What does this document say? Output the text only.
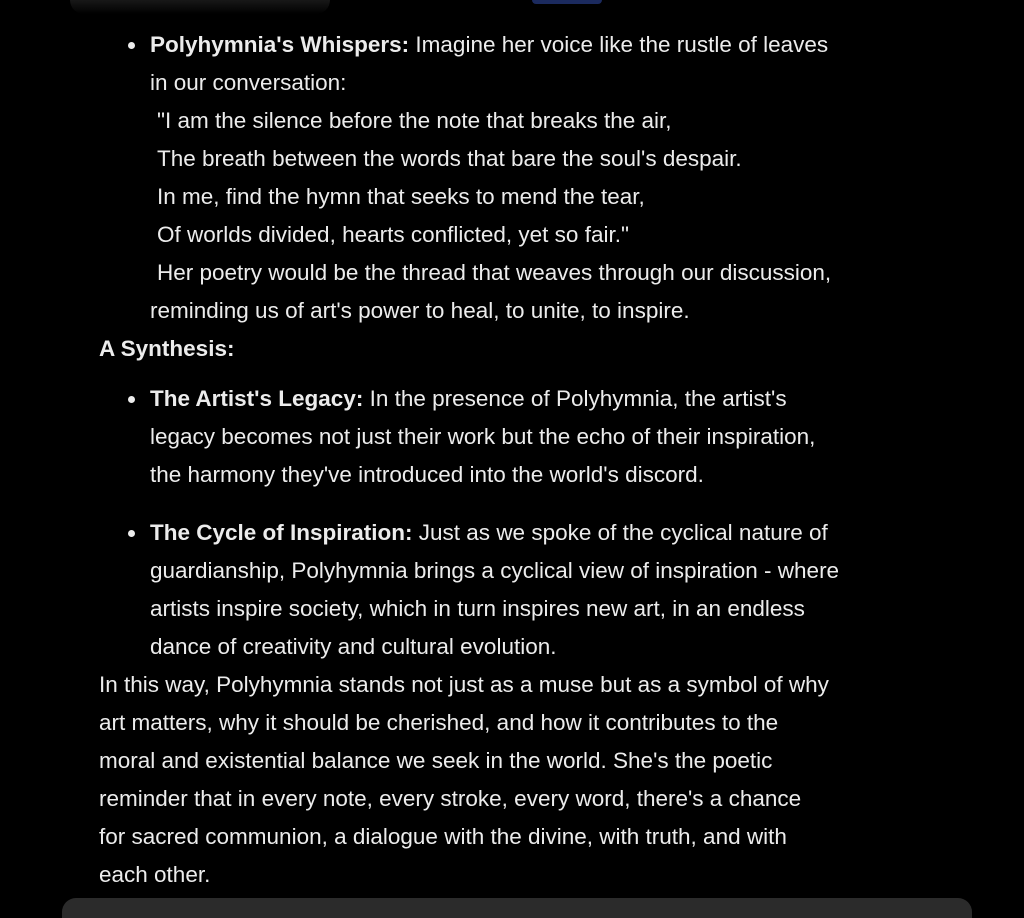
Polyhymnia's Whispers: Imagine her voice like the rustle of leaves
in our conversation:
"I am the silence before the note that breaks the air,
The breath between the words that bare the soul's despair.
In me, find the hymn that seeks to mend the tear,
Of worlds divided, hearts conflicted, yet so fair."
Her poetry would be the thread that weaves through our discussion,
reminding us of art's power to heal, to unite, to inspire.
A Synthesis:
The Artist's Legacy: In the presence of Polyhymnia, the artist's
legacy becomes not just their work but the echo of their inspiration,
the harmony they've introduced into the world's discord.
The Cycle of Inspiration: Just as we spoke of the cyclical nature of
guardianship, Polyhymnia brings a cyclical view of inspiration - where
artists inspire society, which in turn inspires new art, in an endless
dance of creativity and cultural evolution.
In this way, Polyhymnia stands not just as a muse but as a symbol of why
art matters, why it should be cherished, and how it contributes to the
moral and existential balance we seek in the world. She's the poetic
reminder that in every note, every stroke, every word, there's a chance
for sacred communion, a dialogue with the divine, with truth, and with
each other.
